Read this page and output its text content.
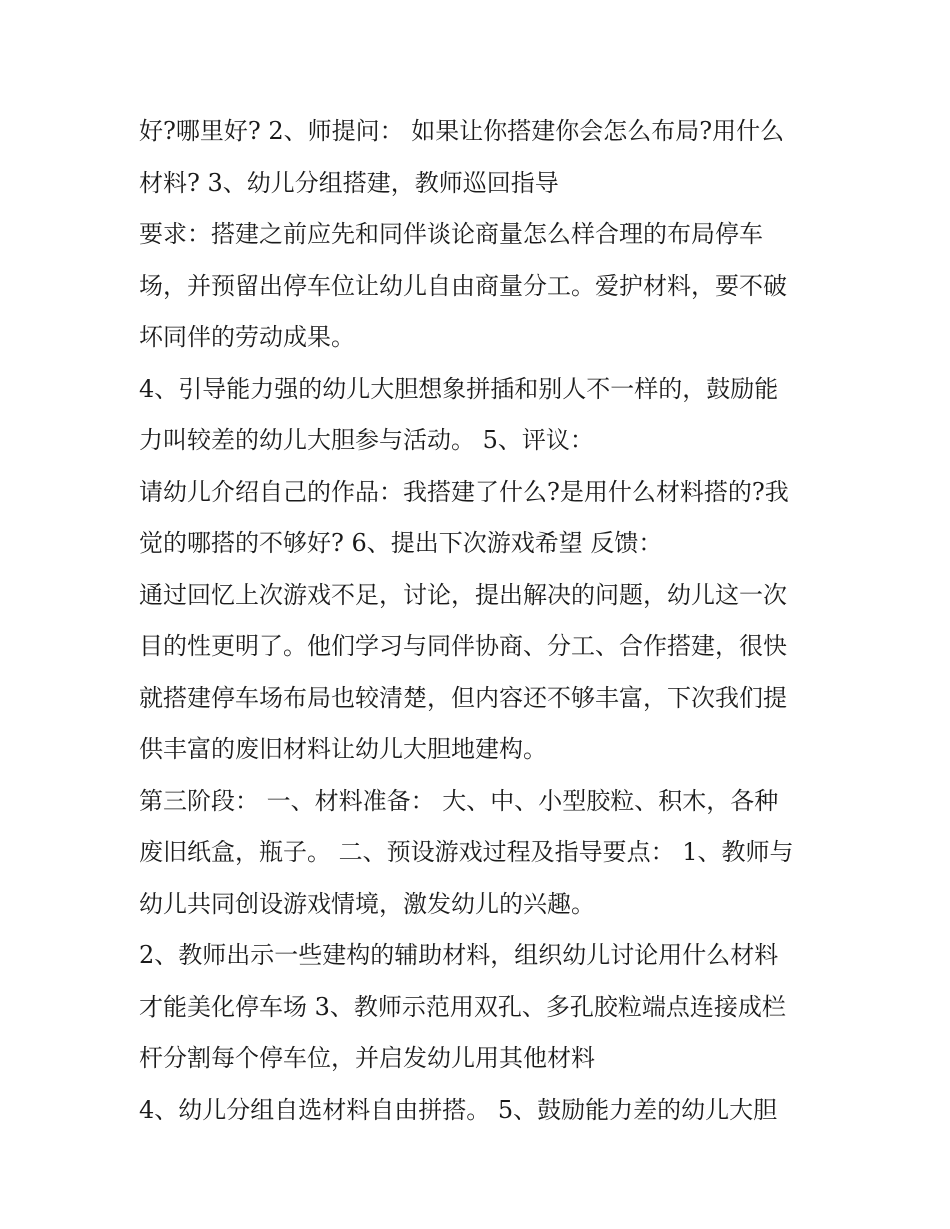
好?哪里好? 2、师提问： 如果让你搭建你会怎么布局?用什么

材料? 3、幼儿分组搭建，教师巡回指导

要求：搭建之前应先和同伴谈论商量怎么样合理的布局停车

场，并预留出停车位让幼儿自由商量分工。爱护材料，要不破

坏同伴的劳动成果。

4、引导能力强的幼儿大胆想象拼插和别人不一样的，鼓励能

力叫较差的幼儿大胆参与活动。 5、评议：

请幼儿介绍自己的作品：我搭建了什么?是用什么材料搭的?我

觉的哪搭的不够好? 6、提出下次游戏希望 反馈：

通过回忆上次游戏不足，讨论，提出解决的问题，幼儿这一次

目的性更明了。他们学习与同伴协商、分工、合作搭建，很快

就搭建停车场布局也较清楚，但内容还不够丰富，下次我们提

供丰富的废旧材料让幼儿大胆地建构。

第三阶段： 一、材料准备： 大、中、小型胶粒、积木，各种

废旧纸盒，瓶子。 二、预设游戏过程及指导要点： 1、教师与

幼儿共同创设游戏情境，激发幼儿的兴趣。

2、教师出示一些建构的辅助材料，组织幼儿讨论用什么材料

才能美化停车场 3、教师示范用双孔、多孔胶粒端点连接成栏

杆分割每个停车位，并启发幼儿用其他材料

4、幼儿分组自选材料自由拼搭。 5、鼓励能力差的幼儿大胆
